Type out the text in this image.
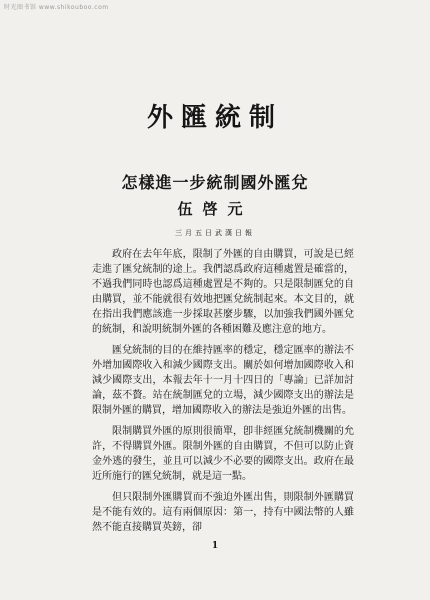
时光图书馆 www.shikouboo.com
外匯統制
怎樣進一步統制國外匯兌
伍啓元
三月五日武漢日報

政府在去年年底，限制了外匯的自由購買，可說是已經走進了匯兌統制的途上。我們認爲政府這種處置是確當的，不過我們同時也認爲這種處置是不夠的。只是限制匯兌的自由購買，並不能就很有效地把匯兌統制起來。本文目的，就在指出我們應該進一步採取甚麼步驟，以加強我們國外匯兌的統制，和說明統制外匯的各種困難及應注意的地方。

匯兌統制的目的在維持匯率的穩定，穩定匯率的辦法不外增加國際收入和減少國際支出。關於如何增加國際收入和減少國際支出，本報去年十一月十四日的「專論」已詳加討論，茲不贅。站在統制匯兌的立場，減少國際支出的辦法是限制外匯的購買，增加國際收入的辦法是強迫外匯的出售。

限制購買外匯的原則很簡單，卽非經匯兌統制機關的允許，不得購買外匯。限制外匯的自由購買，不但可以防止資金外逃的發生，並且可以減少不必要的國際支出。政府在最近所施行的匯兌統制，就是這一點。

但只限制外匯購買而不強迫外匯出售，則限制外匯購買是不能有效的。這有兩個原因：第一，持有中國法幣的人雖然不能直接購買英鎊，卻

1
